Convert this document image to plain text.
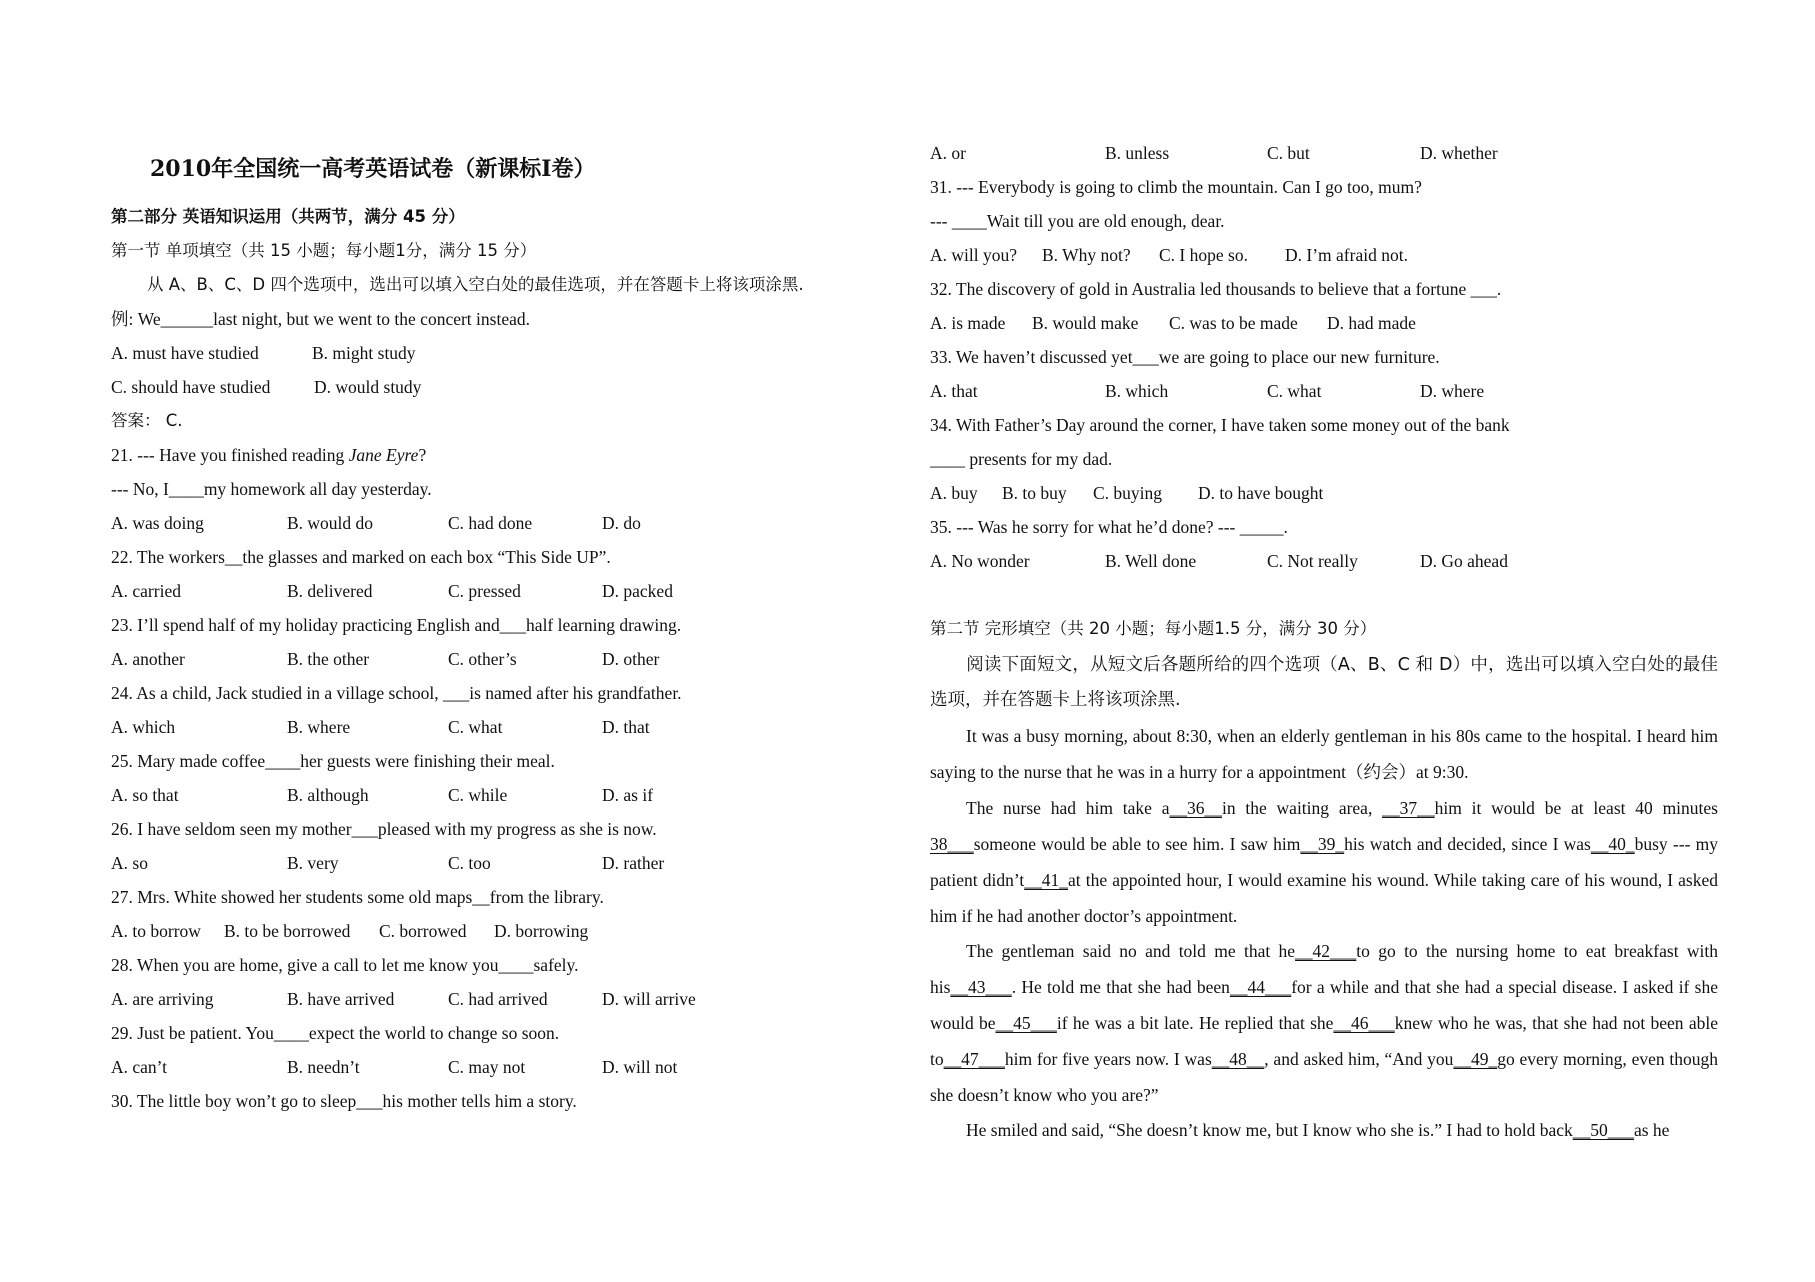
2010年全国统一高考英语试卷（新课标I卷）
第二部分 英语知识运用（共两节，满分 45 分）
第一节 单项填空（共 15 小题；每小题1分，满分 15 分）
从 A、B、C、D 四个选项中，选出可以填入空白处的最佳选项，并在答题卡上将该项涂黑.
例: We______last night, but we went to the concert instead.
A. must have studied	B. might study
C. should have studied D. would study
答案： C.
21. --- Have you finished reading Jane Eyre?
--- No, I____my homework all day yesterday.
A. was doing	B. would do	C. had done	D. do
22. The workers__the glasses and marked on each box “This Side UP”.
A. carried	B. delivered	C. pressed	D. packed
23. I’ll spend half of my holiday practicing English and___half learning drawing.
A. another	B. the other	C. other’s	D. other
24. As a child, Jack studied in a village school, ___is named after his grandfather.
A. which	B. where	C. what	D. that
25. Mary made coffee____her guests were finishing their meal.
A. so that	B. although	C. while	D. as if
26. I have seldom seen my mother___pleased with my progress as she is now.
A. so	B. very	C. too	D. rather
27. Mrs. White showed her students some old maps__from the library.
A. to borrow B. to be borrowed C. borrowed D. borrowing
28. When you are home, give a call to let me know you____safely.
A. are arriving	B. have arrived	C. had arrived	D. will arrive
29. Just be patient. You____expect the world to change so soon.
A. can’t	B. needn’t	C. may not	D. will not
30. The little boy won’t go to sleep___his mother tells him a story.
A. or	B. unless	C. but	D. whether
31. --- Everybody is going to climb the mountain. Can I go too, mum?
--- ____Wait till you are old enough, dear.
A. will you? B. Why not? C. I hope so. D. I’m afraid not.
32. The discovery of gold in Australia led thousands to believe that a fortune ___.
A. is made B. would make C. was to be made D. had made
33. We haven’t discussed yet___we are going to place our new furniture.
A. that	B. which	C. what	D. where
34. With Father’s Day around the corner, I have taken some money out of the bank
____ presents for my dad.
A. buy B. to buy C. buying D. to have bought
35. --- Was he sorry for what he’d done? --- _____.
A. No wonder	B. Well done	C. Not really	D. Go ahead
第二节 完形填空（共 20 小题；每小题1.5 分，满分 30 分）
阅读下面短文，从短文后各题所给的四个选项（A、B、C 和 D）中，选出可以填入空白处的最佳选项，并在答题卡上将该项涂黑.
It was a busy morning, about 8:30, when an elderly gentleman in his 80s came to the hospital. I heard him saying to the nurse that he was in a hurry for a appointment（约会）at 9:30.
The nurse had him take a__36__in the waiting area, __37__him it would be at least 40 minutes 38___someone would be able to see him. I saw him__39_his watch and decided, since I was__40_busy --- my patient didn’t__41_at the appointed hour, I would examine his wound. While taking care of his wound, I asked him if he had another doctor’s appointment.
The gentleman said no and told me that he__42___to go to the nursing home to eat breakfast with his__43___. He told me that she had been__44___for a while and that she had a special disease. I asked if she would be__45___if he was a bit late. He replied that she__46___knew who he was, that she had not been able to__47___him for five years now. I was__48__, and asked him, “And you__49_go every morning, even though she doesn’t know who you are?”
He smiled and said, “She doesn’t know me, but I know who she is.” I had to hold back__50___as he
